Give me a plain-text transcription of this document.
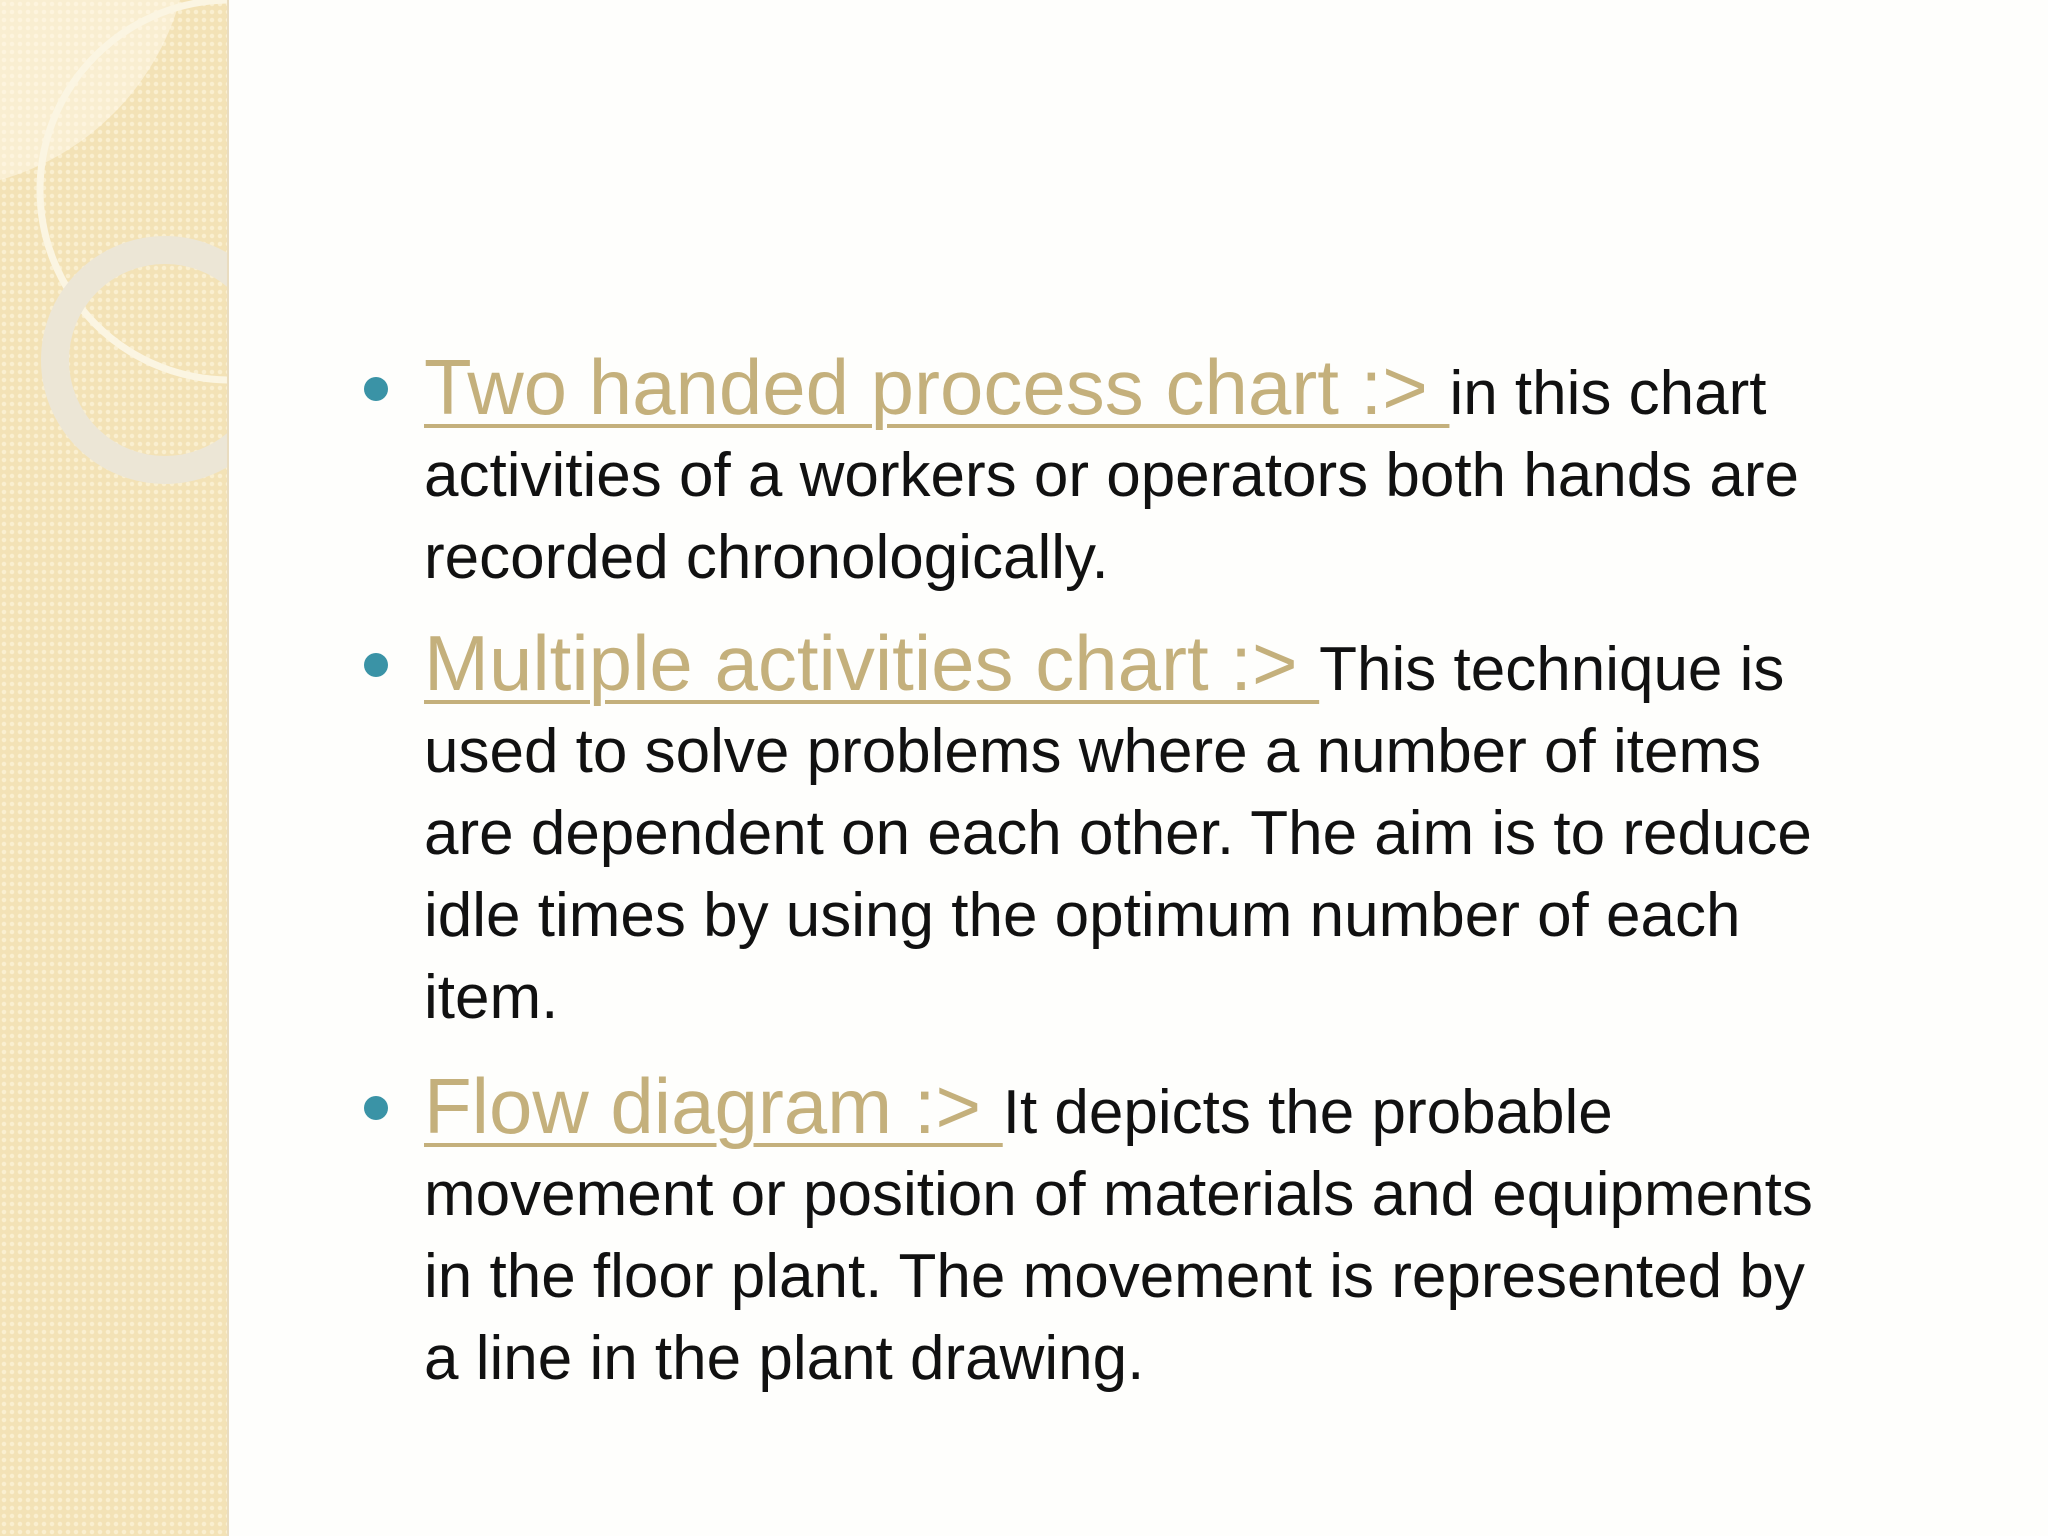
Two handed process chart :> in this chart
activities of a workers or operators both hands are
recorded chronologically.
Multiple activities chart :> This technique is
used to solve problems where a number of items
are dependent on each other. The aim is to reduce
idle times by using the optimum number of each
item.
Flow diagram :> It depicts the probable
movement or position of materials and equipments
in the floor plant. The movement is represented by
a line in the plant drawing.
